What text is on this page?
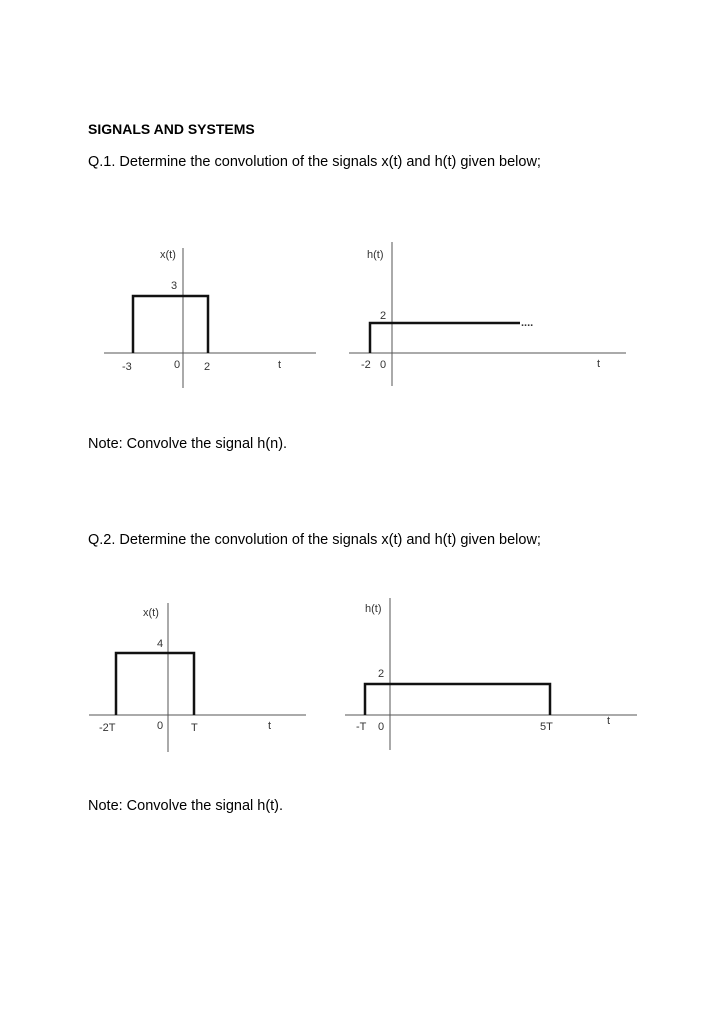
SIGNALS AND SYSTEMS
Q.1. Determine the convolution of the signals x(t) and h(t) given below;
x(t)
3
-3	0 2	t
h(t)
2
....
-2 0	t
x(t)
4
-2T	0	T	t
h(t)
2
-T 0	5T	t
Note: Convolve the signal h(n).
Q.2. Determine the convolution of the signals x(t) and h(t) given below;
Note: Convolve the signal h(t).
